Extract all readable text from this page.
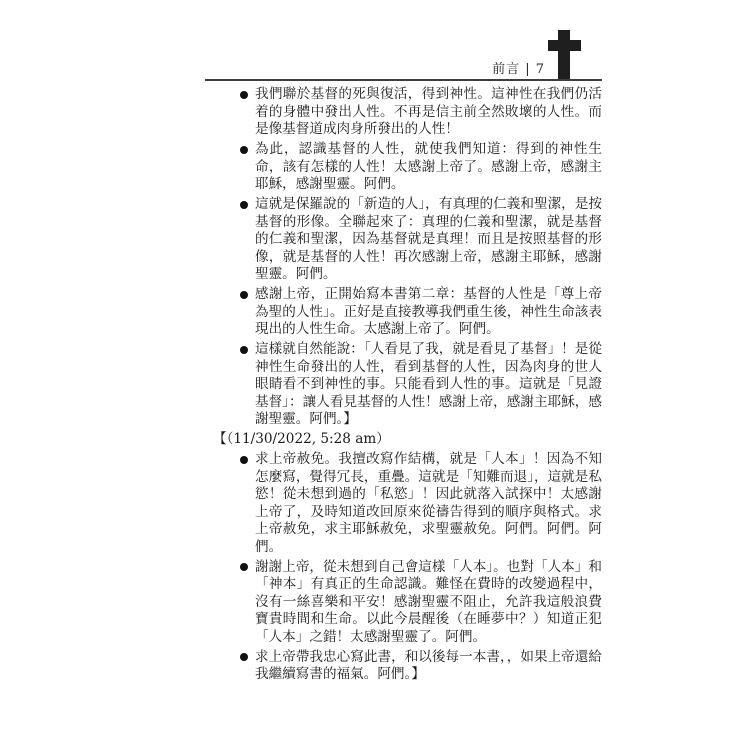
前言 | 7
我們聯於基督的死與復活，得到神性。這神性在我們仍活着的身體中發出人性。不再是信主前全然敗壞的人性。而是像基督道成肉身所發出的人性！
為此，認識基督的人性，就使我們知道：得到的神性生命，該有怎樣的人性！太感謝上帝了。感謝上帝，感謝主耶穌，感謝聖靈。阿們。
這就是保羅說的「新造的人」，有真理的仁義和聖潔，是按基督的形像。全聯起來了：真理的仁義和聖潔，就是基督的仁義和聖潔，因為基督就是真理！而且是按照基督的形像，就是基督的人性！再次感謝上帝，感謝主耶穌，感謝聖靈。阿們。
感謝上帝，正開始寫本書第二章：基督的人性是「尊上帝為聖的人性」。正好是直接教導我們重生後，神性生命該表現出的人性生命。太感謝上帝了。阿們。
這樣就自然能說：「人看見了我，就是看見了基督」！是從神性生命發出的人性，看到基督的人性，因為肉身的世人眼睛看不到神性的事。只能看到人性的事。這就是「見證基督」：讓人看見基督的人性！感謝上帝，感謝主耶穌，感謝聖靈。阿們。】
【（11/30/2022, 5:28 am）
求上帝赦免。我擅改寫作結構，就是「人本」！因為不知怎麼寫，覺得冗長，重疊。這就是「知難而退」，這就是私慾！從未想到過的「私慾」！因此就落入試探中！太感謝上帝了，及時知道改回原來從禱告得到的順序與格式。求上帝赦免，求主耶穌赦免，求聖靈赦免。阿們。阿們。阿們。
謝謝上帝，從未想到自己會這樣「人本」。也對「人本」和「神本」有真正的生命認識。難怪在費時的改變過程中，沒有一絲喜樂和平安！感謝聖靈不阻止，允許我這般浪費寶貴時間和生命。以此今晨醒後（在睡夢中？）知道正犯「人本」之錯！太感謝聖靈了。阿們。
求上帝帶我忠心寫此書，和以後每一本書，，如果上帝還給我繼續寫書的福氣。阿們。】
